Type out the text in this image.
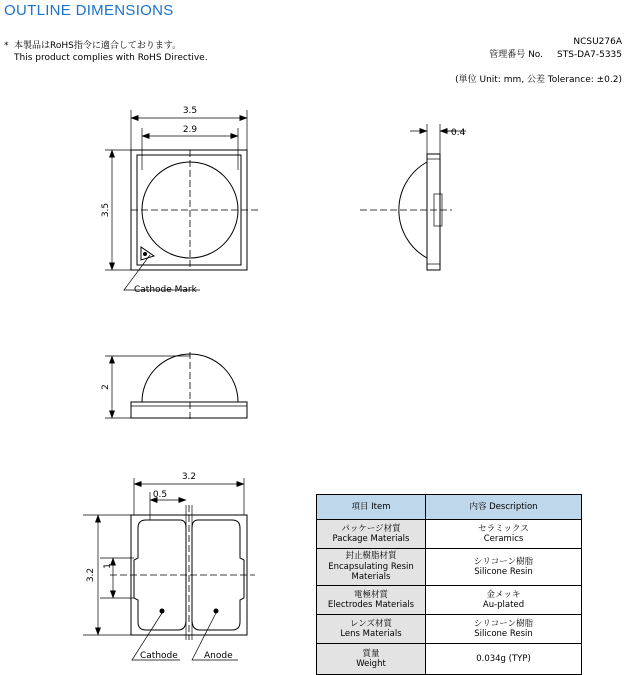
OUTLINE DIMENSIONS
* 本製品はRoHS指令に適合しております。
This product complies with RoHS Directive.
NCSU276A
管理番号 No. STS-DA7-5335
(単位 Unit: mm, 公差 Tolerance: ±0.2)
3.5
2.9
3.5
Cathode Mark
0.4
2
3.2
0.5
3.2
1
Cathode	Anode
項目 Item	内容 Description

パッケージ材質
Package Materials	セラミックス
Ceramics

封止樹脂材質
Encapsulating Resin
Materials	シリコーン樹脂
Silicone Resin

電極材質
Electrodes Materials	金メッキ
Au-plated

レンズ材質
Lens Materials	シリコーン樹脂
Silicone Resin

質量
Weight	0.034g (TYP)
